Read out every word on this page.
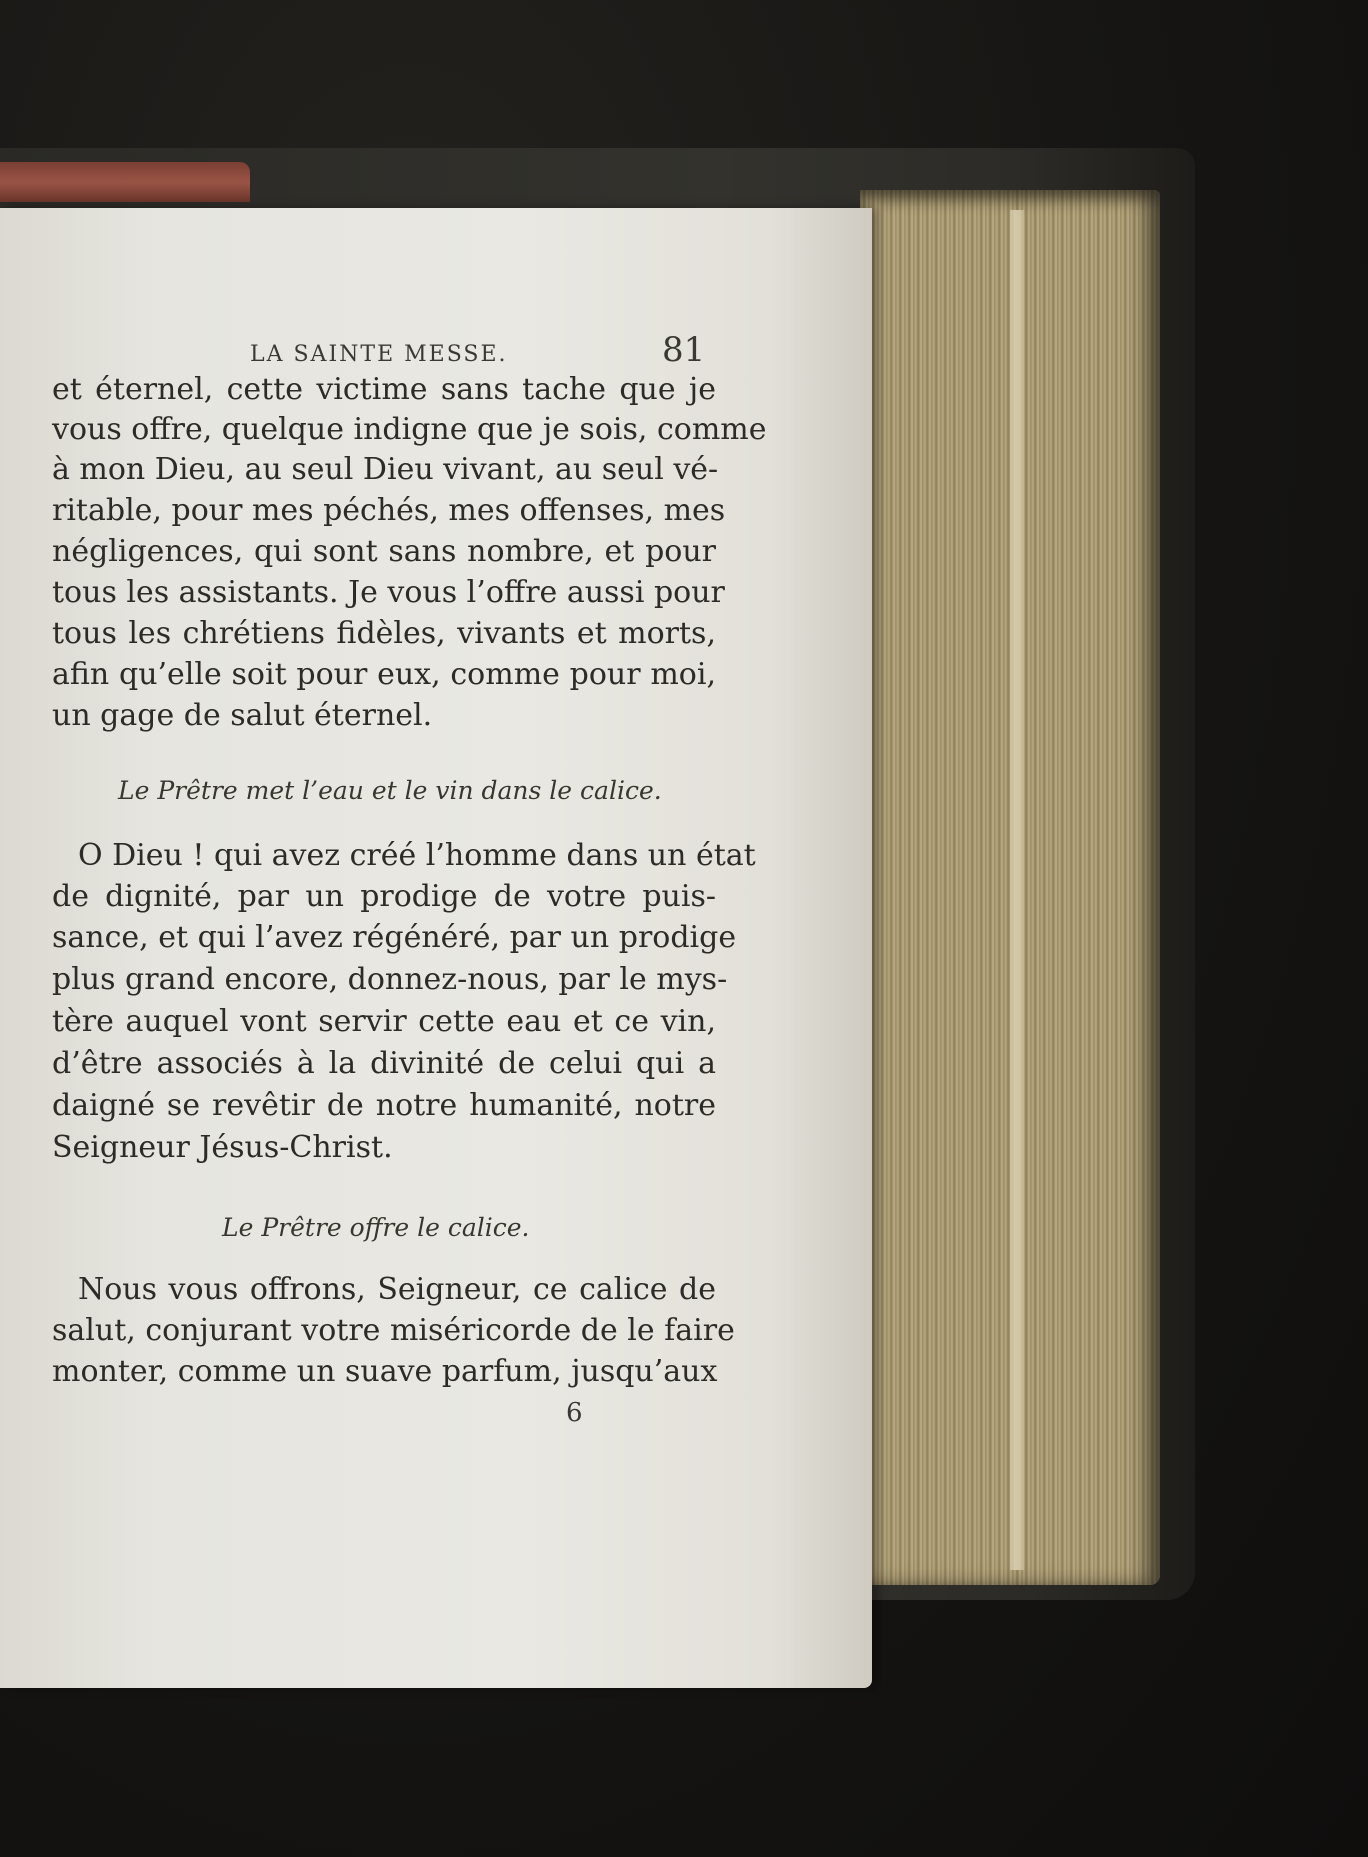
LA SAINTE MESSE.	81
et éternel, cette victime sans tache que je
vous offre, quelque indigne que je sois, comme
à mon Dieu, au seul Dieu vivant, au seul vé-
ritable, pour mes péchés, mes offenses, mes
négligences, qui sont sans nombre, et pour
tous les assistants. Je vous l’offre aussi pour
tous les chrétiens fidèles, vivants et morts,
afin qu’elle soit pour eux, comme pour moi,
un gage de salut éternel.
Le Prêtre met l’eau et le vin dans le calice.
O Dieu ! qui avez créé l’homme dans un état
de dignité, par un prodige de votre puis-
sance, et qui l’avez régénéré, par un prodige
plus grand encore, donnez-nous, par le mys-
tère auquel vont servir cette eau et ce vin,
d’être associés à la divinité de celui qui a
daigné se revêtir de notre humanité, notre
Seigneur Jésus-Christ.
Le Prêtre offre le calice.
Nous vous offrons, Seigneur, ce calice de
salut, conjurant votre miséricorde de le faire
monter, comme un suave parfum, jusqu’aux
6
